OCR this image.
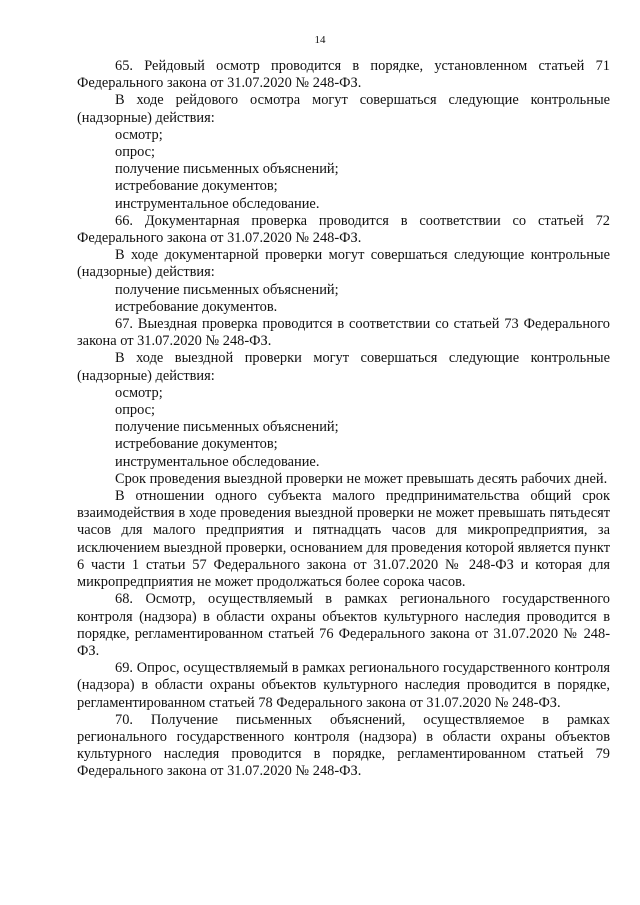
14

65. Рейдовый осмотр проводится в порядке, установленном статьей 71 Федерального закона от 31.07.2020 № 248-ФЗ.

В ходе рейдового осмотра могут совершаться следующие контрольные (надзорные) действия:

осмотр;

опрос;

получение письменных объяснений;

истребование документов;

инструментальное обследование.

66. Документарная проверка проводится в соответствии со статьей 72 Федерального закона от 31.07.2020 № 248-ФЗ.

В ходе документарной проверки могут совершаться следующие контрольные (надзорные) действия:

получение письменных объяснений;

истребование документов.

67. Выездная проверка проводится в соответствии со статьей 73 Федерального закона от 31.07.2020 № 248-ФЗ.

В ходе выездной проверки могут совершаться следующие контрольные (надзорные) действия:

осмотр;

опрос;

получение письменных объяснений;

истребование документов;

инструментальное обследование.

Срок проведения выездной проверки не может превышать десять рабочих дней.

В отношении одного субъекта малого предпринимательства общий срок взаимодействия в ходе проведения выездной проверки не может превышать пятьдесят часов для малого предприятия и пятнадцать часов для микропредприятия, за исключением выездной проверки, основанием для проведения которой является пункт 6 части 1 статьи 57 Федерального закона от 31.07.2020 № 248-ФЗ и которая для микропредприятия не может продолжаться более сорока часов.

68. Осмотр, осуществляемый в рамках регионального государственного контроля (надзора) в области охраны объектов культурного наследия проводится в порядке, регламентированном статьей 76 Федерального закона от 31.07.2020 № 248-ФЗ.

69. Опрос, осуществляемый в рамках регионального государственного контроля (надзора) в области охраны объектов культурного наследия проводится в порядке, регламентированном статьей 78 Федерального закона от 31.07.2020 № 248-ФЗ.

70. Получение письменных объяснений, осуществляемое в рамках регионального государственного контроля (надзора) в области охраны объектов культурного наследия проводится в порядке, регламентированном статьей 79 Федерального закона от 31.07.2020 № 248-ФЗ.
